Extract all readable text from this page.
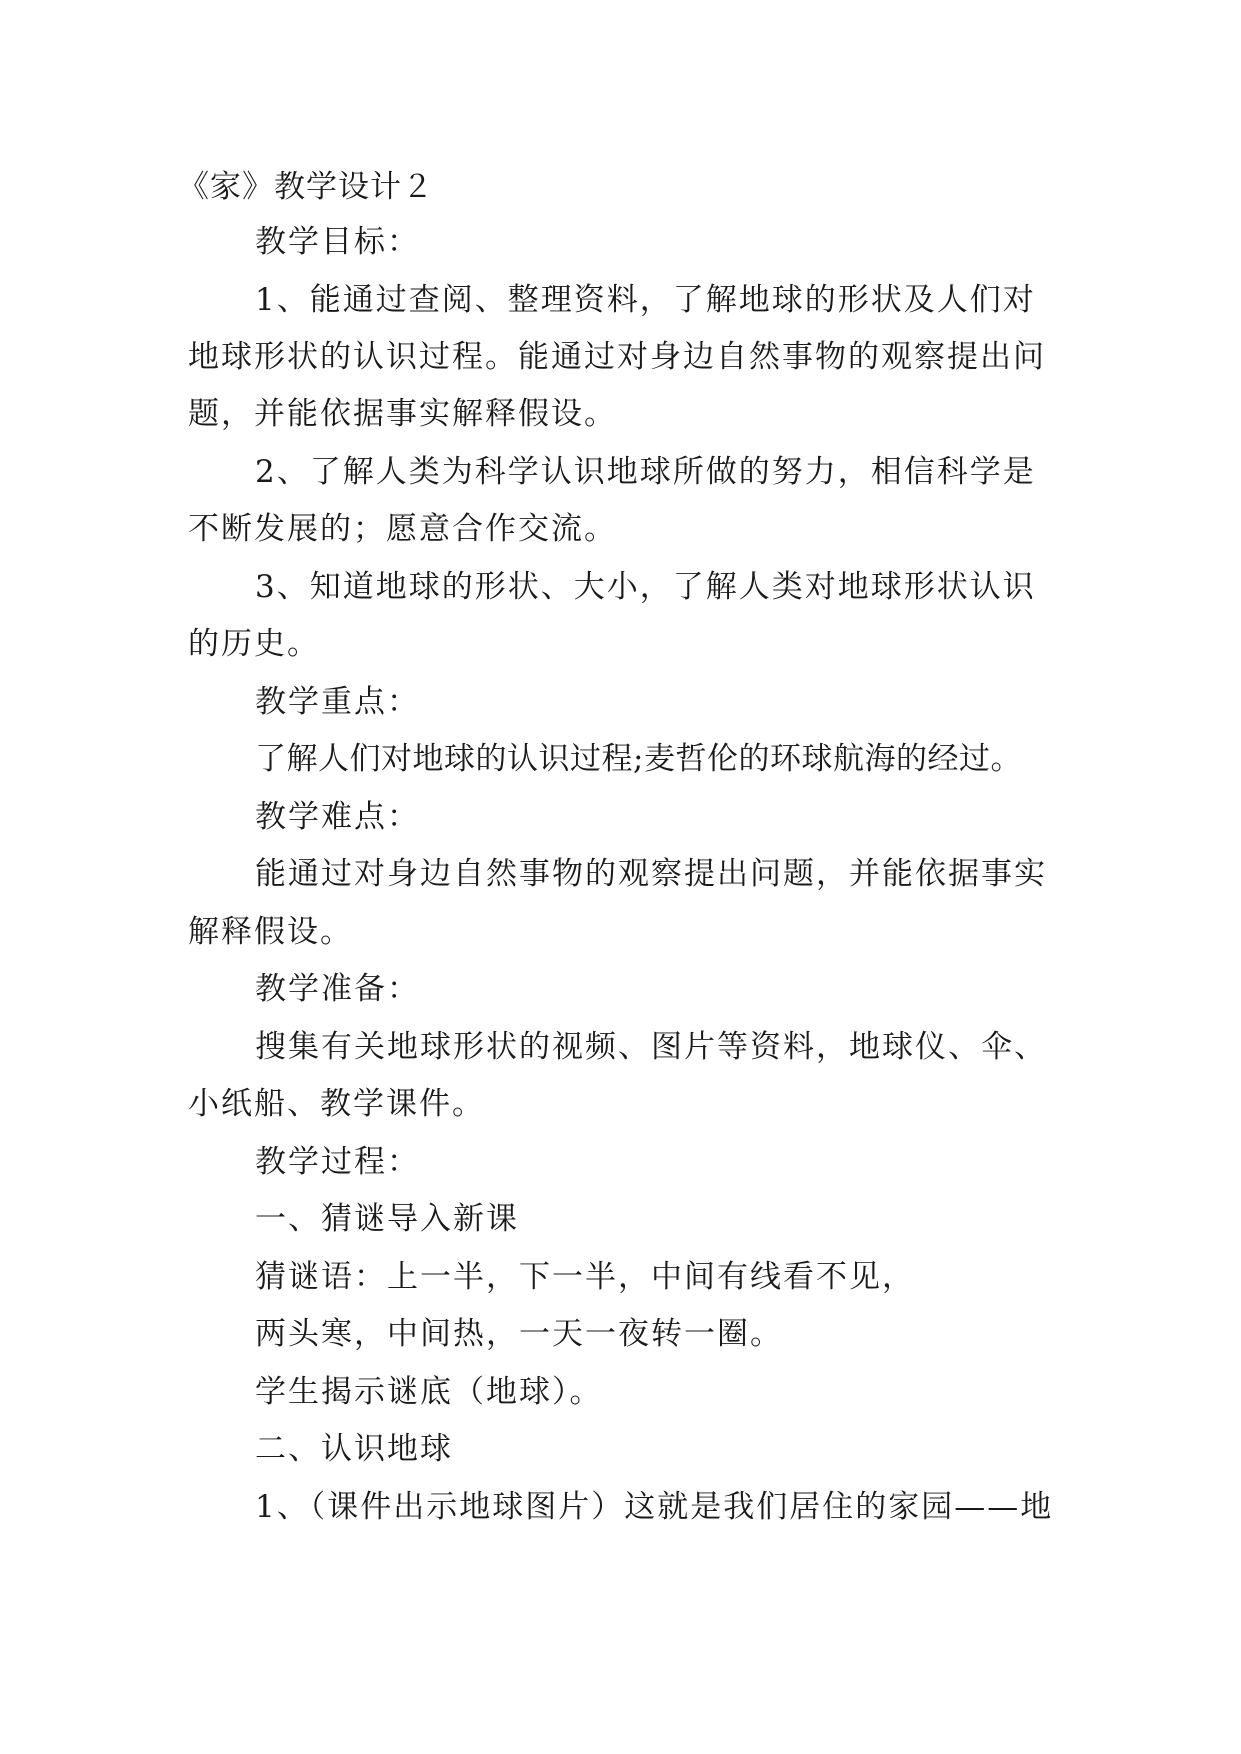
《家》教学设计２
教学目标：
1、能通过查阅、整理资料，了解地球的形状及人们对
地球形状的认识过程。能通过对身边自然事物的观察提出问
题，并能依据事实解释假设。
2、了解人类为科学认识地球所做的努力，相信科学是
不断发展的；愿意合作交流。
3、知道地球的形状、大小，了解人类对地球形状认识
的历史。
教学重点：
了解人们对地球的认识过程;麦哲伦的环球航海的经过。
教学难点：
能通过对身边自然事物的观察提出问题，并能依据事实
解释假设。
教学准备：
搜集有关地球形状的视频、图片等资料，地球仪、伞、
小纸船、教学课件。
教学过程：
一、猜谜导入新课
猜谜语：上一半，下一半，中间有线看不见，
两头寒，中间热，一天一夜转一圈。
学生揭示谜底（地球）。
二、认识地球
1、（课件出示地球图片）这就是我们居住的家园——地
